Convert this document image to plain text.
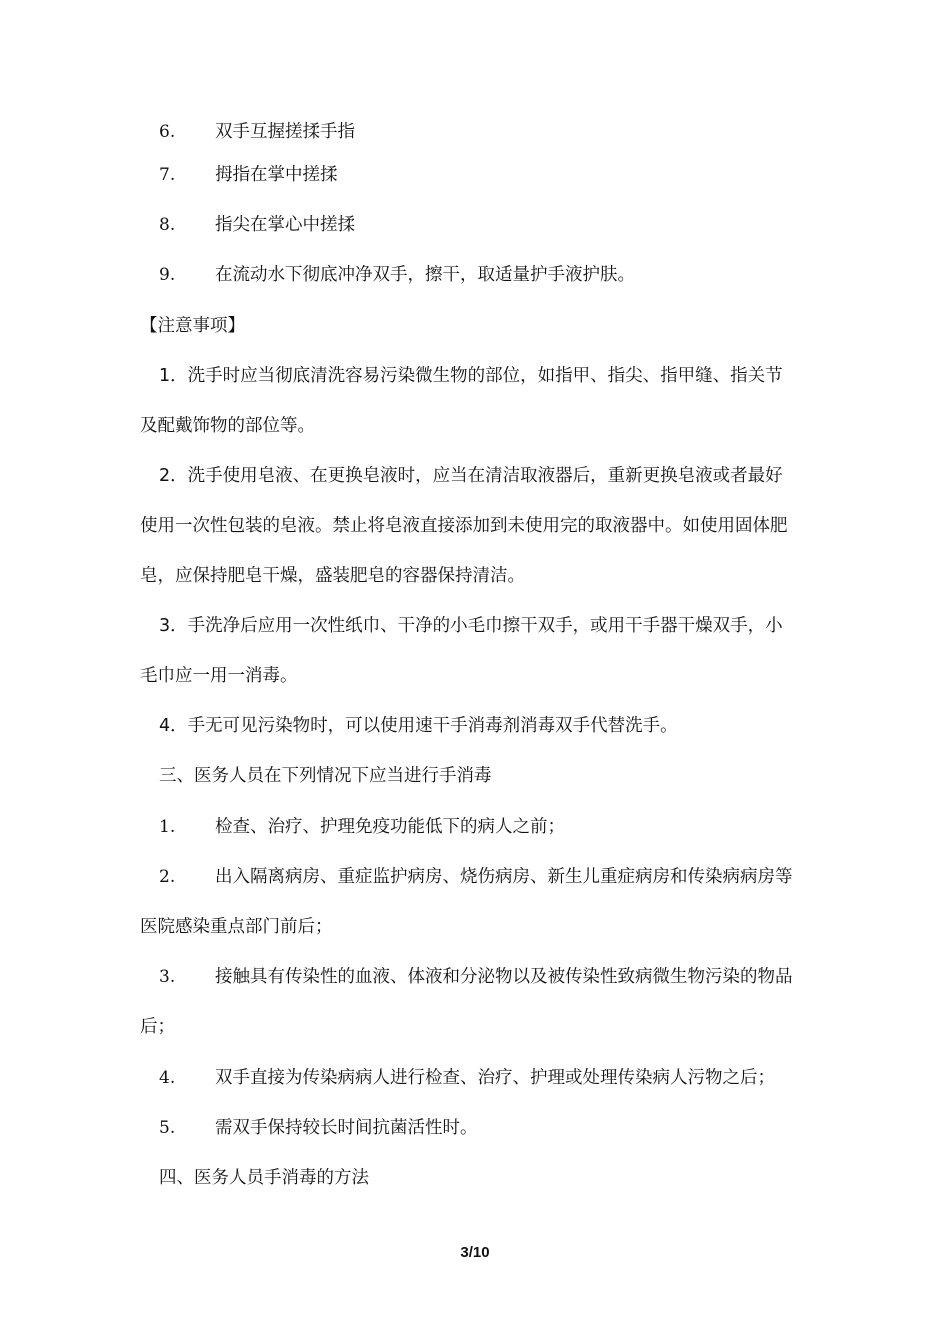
6. 双手互握搓揉手指
7. 拇指在掌中搓揉
8. 指尖在掌心中搓揉
9. 在流动水下彻底冲净双手，擦干，取适量护手液护肤。
【注意事项】
1．洗手时应当彻底清洗容易污染微生物的部位，如指甲、指尖、指甲缝、指关节
及配戴饰物的部位等。
2．洗手使用皂液、在更换皂液时，应当在清洁取液器后，重新更换皂液或者最好
使用一次性包装的皂液。禁止将皂液直接添加到未使用完的取液器中。如使用固体肥
皂，应保持肥皂干燥，盛装肥皂的容器保持清洁。
3．手洗净后应用一次性纸巾、干净的小毛巾擦干双手，或用干手器干燥双手，小
毛巾应一用一消毒。
4．手无可见污染物时，可以使用速干手消毒剂消毒双手代替洗手。
三、医务人员在下列情况下应当进行手消毒
1. 检查、治疗、护理免疫功能低下的病人之前；
2. 出入隔离病房、重症监护病房、烧伤病房、新生儿重症病房和传染病病房等
医院感染重点部门前后；
3. 接触具有传染性的血液、体液和分泌物以及被传染性致病微生物污染的物品
后；
4. 双手直接为传染病病人进行检查、治疗、护理或处理传染病人污物之后；
5. 需双手保持较长时间抗菌活性时。
四、医务人员手消毒的方法
3/10
